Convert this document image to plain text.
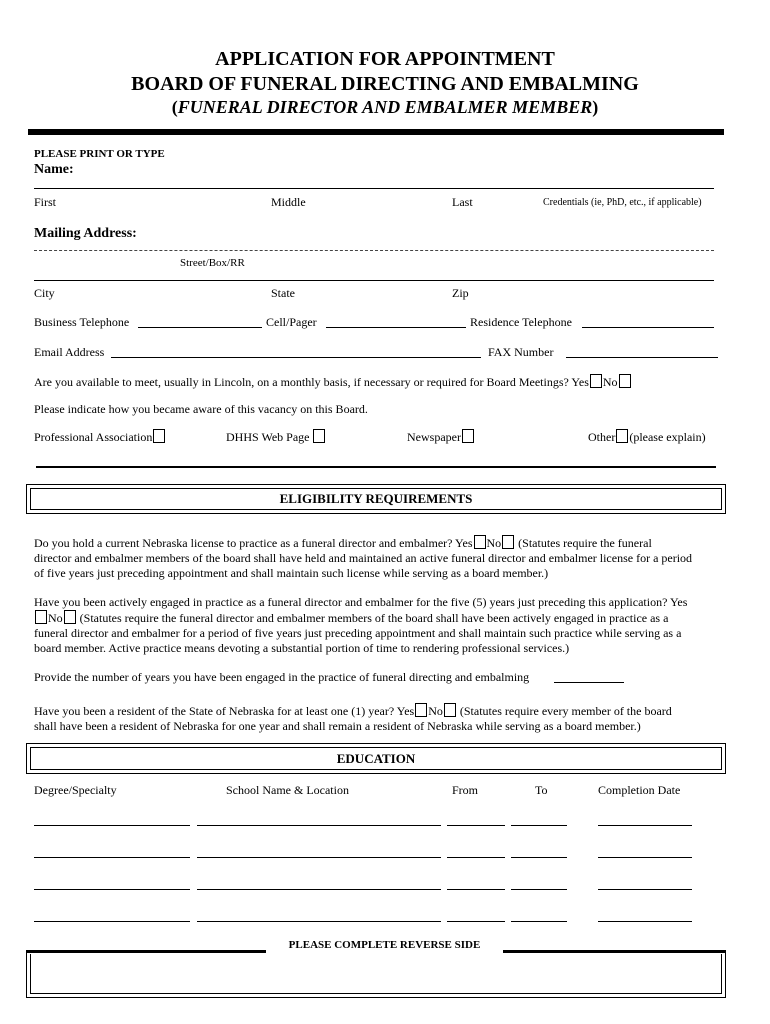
APPLICATION FOR APPOINTMENT
BOARD OF FUNERAL DIRECTING AND EMBALMING
(FUNERAL DIRECTOR AND EMBALMER MEMBER)
PLEASE PRINT OR TYPE
Name:
First	Middle	Last	Credentials (ie, PhD, etc., if applicable)
Mailing Address:
Street/Box/RR
City	State	Zip
Business Telephone	Cell/Pager	Residence Telephone
Email Address	FAX Number
Are you available to meet, usually in Lincoln, on a monthly basis, if necessary or required for Board Meetings? Yes No
Please indicate how you became aware of this vacancy on this Board.
Professional Association	DHHS Web Page	Newspaper	Other (please explain)
ELIGIBILITY REQUIREMENTS
Do you hold a current Nebraska license to practice as a funeral director and embalmer? Yes No (Statutes require the funeral
director and embalmer members of the board shall have held and maintained an active funeral director and embalmer license for a period
of five years just preceding appointment and shall maintain such license while serving as a board member.)
Have you been actively engaged in practice as a funeral director and embalmer for the five (5) years just preceding this application? Yes
No (Statutes require the funeral director and embalmer members of the board shall have been actively engaged in practice as a
funeral director and embalmer for a period of five years just preceding appointment and shall maintain such practice while serving as a
board member. Active practice means devoting a substantial portion of time to rendering professional services.)
Provide the number of years you have been engaged in the practice of funeral directing and embalming
Have you been a resident of the State of Nebraska for at least one (1) year? Yes No (Statutes require every member of the board
shall have been a resident of Nebraska for one year and shall remain a resident of Nebraska while serving as a board member.)
EDUCATION
Degree/Specialty	School Name & Location	From	To	Completion Date
PLEASE COMPLETE REVERSE SIDE
